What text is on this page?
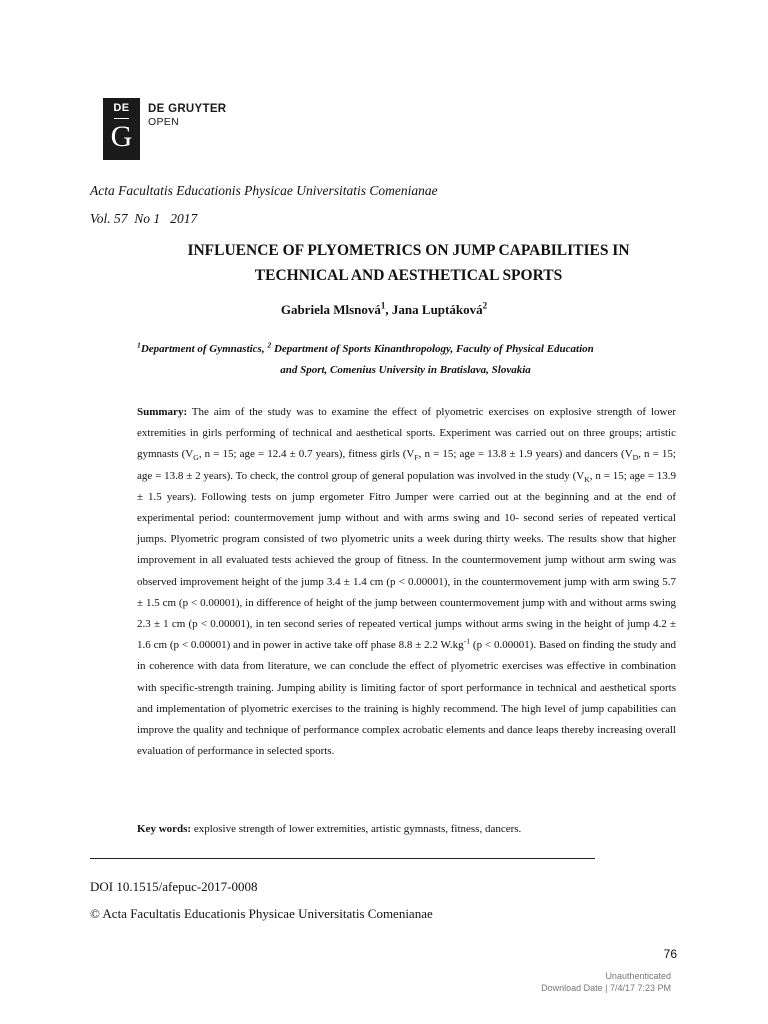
DE
G
DE GRUYTER
OPEN
Acta Facultatis Educationis Physicae Universitatis Comenianae
Vol. 57  No 1   2017
INFLUENCE OF PLYOMETRICS ON JUMP CAPABILITIES IN
TECHNICAL AND AESTHETICAL SPORTS
Gabriela Mlsnová$^1$, Jana Luptáková$^2$
$^1$Department of Gymnastics, $^2$ Department of Sports Kinanthropology, Faculty of Physical Education
and Sport, Comenius University in Bratislava, Slovakia
Summary: The aim of the study was to examine the effect of plyometric exercises on explosive strength of lower extremities in girls performing of technical and aesthetical sports. Experiment was carried out on three groups; artistic gymnasts ($V_G$, n = 15; age = 12.4 ± 0.7 years), fitness girls ($V_F$, n = 15; age = 13.8 ± 1.9 years) and dancers ($V_D$, n = 15; age = 13.8 ± 2 years). To check, the control group of general population was involved in the study ($V_K$, n = 15; age = 13.9 ± 1.5 years). Following tests on jump ergometer Fitro Jumper were carried out at the beginning and at the end of experimental period: countermovement jump without and with arms swing and 10- second series of repeated vertical jumps. Plyometric program consisted of two plyometric units a week during thirty weeks. The results show that higher improvement in all evaluated tests achieved the group of fitness. In the countermovement jump without arm swing was observed improvement height of the jump 3.4 ± 1.4 cm (p < 0.00001), in the countermovement jump with arm swing 5.7 ± 1.5 cm (p < 0.00001), in difference of height of the jump between countermovement jump with and without arms swing 2.3 ± 1 cm (p < 0.00001), in ten second series of repeated vertical jumps without arms swing in the height of jump 4.2 ± 1.6 cm (p < 0.00001) and in power in active take off phase 8.8 ± 2.2 $W.kg^{-1}$ (p < 0.00001). Based on finding the study and in coherence with data from literature, we can conclude the effect of plyometric exercises was effective in combination with specific-strength training. Jumping ability is limiting factor of sport performance in technical and aesthetical sports and implementation of plyometric exercises to the training is highly recommend. The high level of jump capabilities can improve the quality and technique of performance complex acrobatic elements and dance leaps thereby increasing overall evaluation of performance in selected sports.
Key words: explosive strength of lower extremities, artistic gymnasts, fitness, dancers.
DOI 10.1515/afepuc-2017-0008
© Acta Facultatis Educationis Physicae Universitatis Comenianae
76
Unauthenticated
Download Date | 7/4/17 7:23 PM
